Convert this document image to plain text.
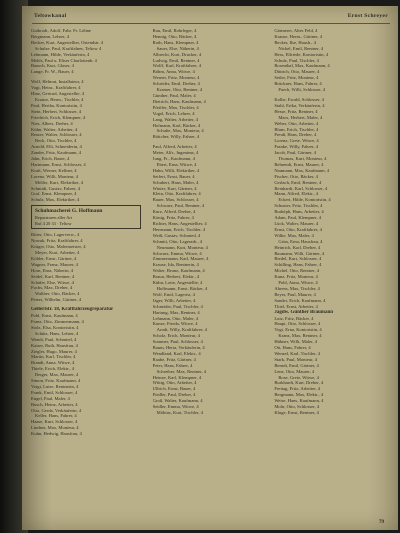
Teltowkanal	Ernst Schreyer
Gutbrodt, Adolf, Fabr. Fr. Löhne
Bergmann, Lehrer, 4
Becker, Kurt, Angestellter, Ostendstr. 4
Schulze, Paul, Kraftfahrer, Teltow 4
Lehmann, Hilde, Verkäuferin, 4
Mehls, Paul u. Eliser Charlottenb. 4
Bausch, Kurt, Glaser, 4
Lange, Fr. W., Bauer, 4
Wolf, Helmut, Installateur, 4
Vogt, Heinr., Kraftfahrer, 4
Hinz, Gertrud, Angestellte, 4
Krause, Herm., Tischler, 4
Paul, Hertha, Kontoristin, 4
Stein, Herbert, Schlosser, 4
Friedrich, Erich, Klempner, 4
Nies, Albert, Dreher, 4
Kühn, Walter, Arbeiter, 4
Reuter, Walter, Schlosser, 4
Beck, Otto, Tischler, 4
Arnold, Elli, Schneiderin, 4
Zander, Fritz, Kaufmann, 4
Jahn, Erich, Bauer, 4
Hartmann, Ernst, Schlosser, 4
Kraft, Werner, Kellner, 4
Lorenz, Willi, Monteur, 4
Möller, Kurt, Elektriker, 4
Schmidt, Gustav, Fahrer, 4
Graf, Ernst, Klempner, 4
Schulz, Max, Elektriker, 4
Schuhmacherei G. Hoffmann
Reparaturen aller Art
Ruf 4 20 33 · Teltow
Ritter, Otto, Lagerverw., 4
Nowak, Fritz, Kraftfahrer, 4
Krüger, Otto, Malermeister, 4
Meyer, Kurt, Arbeiter, 4
Köhler, Ernst, Gärtner, 4
Wagner, Franz, Maurer, 4
Horn, Erna, Näherin, 4
Seidel, Karl, Rentner, 4
Schäfer, Else, Witwe, 4
Fuchs, Max, Dreher, 4
Walther, Otto, Bäcker, 4
Peters, Wilhelm, Gärtner, 4
Gellertstr. 18, Kraftfahrzeugreparatur
Pohl, Ernst, Kaufmann, 4
Franz, Otto, Zimmermann, 4
Stolz, Elsa, Kontoristin, 4
Schütz, Hans, Lehrer, 4
Wendt, Paul, Schmied, 4
Kaiser, Ruth, Hausfrau, 4
Ziegler, Hugo, Maurer, 4
Martin, Karl, Tischler, 4
Brandt, Anna, Witwe, 4
Thiele, Erich, Elektr., 4
Berger, Max, Maurer, 4
Simon, Fritz, Kaufmann, 4
Voigt, Luise, Rentnerin, 4
Frank, Emil, Schlosser, 4
Engel, Paul, Maler, 4
Busch, Heinz, Arbeiter, 4
Otto, Gerda, Verkäuferin, 4
Keller, Hans, Fahrer, 4
Haase, Kurt, Schlosser, 4
Lindner, Max, Monteur, 4
Kuhn, Hedwig, Hausfrau, 4
Rau, Emil, Rohrleger, 4
Hennig, Otto, Bäcker, 4
Roth, Hans, Klempner, 4
Sauer, Else, Näherin, 4
Albrecht, Kurt, Drucker, 4
Ludwig, Emil, Rentner, 4
Wolff, Karl, Kraftfahrer, 4
Böhm, Anna, Witwe, 4
Werner, Fritz, Monteur, 4
Schröder, Emil, Dreher, 4
Kramer, Otto, Rentner, 4
Günther, Paul, Maler, 4
Dietrich, Hans, Kaufmann, 4
Pfeiffer, Max, Tischler, 4
Vogel, Erich, Lehrer, 4
Lang, Walter, Arbeiter, 4
Hofmann, Karl, Bäcker, 4
Schulte, Max, Monteur, 4
Böttcher, Willy, Fahrer, 4
Paul, Alfred, Arbeiter, 4
Meier, Alfr., Ingenieur, 4
Jung, Fr., Kaufmann, 4
Ebert, Erna, Witwe, 4
Hahn, Willi, Elektriker, 4
Seifert, Ernst, Bauer, 4
Schubert, Hans, Maler, 4
Winter, Kurt, Gärtner, 4
Klein, Otto, Kraftfahrer, 4
Bauer, Max, Schlosser, 4
Schwarz, Paul, Rentner, 4
Kurz, Alfred, Dreher, 4
König, Fritz, Fahrer, 4
Richter, Hans, Angestellter, 4
Herrmann, Erich, Tischler, 4
Weiß, Gustav, Schmied, 4
Schmitt, Otto, Lagerarb., 4
Neumann, Kurt, Monteur, 4
Schwarz, Emma, Witwe, 4
Zimmermann, Karl, Maurer, 4
Krause, Ida, Rentnerin, 4
Walter, Bruno, Kaufmann, 4
Braun, Herbert, Elektr., 4
Kühn, Lotte, Angestellte, 4
Hoffmann, Ernst, Bäcker, 4
Wolf, Emil, Lagerist, 4
Jäger, Willi, Arbeiter, 4
Schneider, Paul, Tischler, 4
Hartung, Max, Rentner, 4
Lehmann, Otto, Maler, 4
Kunze, Frieda, Witwe, 4
Arndt, Willy, Kraftfahrer, 4
Scholz, Erich, Monteur, 4
Sommer, Paul, Schlosser, 4
Baum, Herta, Verkäuferin, 4
Wendland, Karl, Elektr., 4
Raabe, Fritz, Gärtner, 4
Peter, Hans, Fahrer, 4
Schreiber, Max, Rentner, 4
Heinze, Karl, Klempner, 4
Wittig, Otto, Arbeiter, 4
Ullrich, Ernst, Bauer, 4
Fiedler, Paul, Dreher, 4
Groß, Walter, Kaufmann, 4
Seidler, Emma, Witwe, 4
Möbius, Kurt, Tischler, 4
Gärtnerei, Altes Feld, 4
Krause, Herm., Gärtner, 4
Becker, Ilse, Haush., 4
Nickel, Emil, Rentner, 4
Hess, Elfriede, Kontoristin, 4
Schulz, Paul, Tischler, 4
Rosenthal, Max, Kaufmann, 4
Dittrich, Otto, Maurer, 4
Seiler, Fritz, Monteur, 4
Brückner, Hans, Fahrer, 4
Paech, Willi, Schlosser, 4
Kolbe, Ewald, Schlosser, 4
Stahl, Erika, Verkäuferin, 4
Hesse, Fritz, Rentner, 4
Marx, Herbert, Maler, 4
Weber, Otto, Arbeiter, 4
Blum, Erich, Tischler, 4
Preuß, Hans, Dreher, 4
Lorenz, Grete, Witwe, 4
Franke, Willy, Fahrer, 4
Jacob, Paul, Gärtner, 4
Thomas, Kurt, Monteur, 4
Behrendt, Ernst, Maurer, 4
Naumann, Max, Kaufmann, 4
Fischer, Otto, Bäcker, 4
Gerlach, Emil, Rentner, 4
Reinhardt, Karl, Schlosser, 4
Mann, Alfred, Elektr., 4
Eckert, Hilde, Kontoristin, 4
Schuster, Fritz, Tischler, 4
Rudolph, Hans, Arbeiter, 4
Adam, Paul, Klempner, 4
Lück, Walter, Maurer, 4
Ernst, Otto, Kraftfahrer, 4
Wilke, Max, Maler, 4
Grün, Erna, Hausfrau, 4
Heinrich, Karl, Dreher, 4
Baumann, Willi, Gärtner, 4
Riedel, Kurt, Schlosser, 4
Schilling, Hans, Fahrer, 4
Michel, Otto, Rentner, 4
Kunz, Fritz, Monteur, 4
Pohl, Anna, Witwe, 4
Ahrens, Max, Tischler, 4
Beyer, Paul, Maurer, 4
Sander, Erich, Kaufmann, 4
Thiel, Ernst, Arbeiter, 4
Jagdw. Günther Braumann
Lutz, Fritz, Bäcker, 4
Haupt, Otto, Schlosser, 4
Vogt, Erna, Kontoristin, 4
Kranz, Max, Rentner, 4
Hübner, Willi, Maler, 4
Ott, Hans, Fahrer, 4
Wenzel, Karl, Tischler, 4
Stark, Paul, Monteur, 4
Berndt, Emil, Gärtner, 4
Lenz, Otto, Maurer, 4
Rose, Grete, Witwe, 4
Burkhardt, Kurt, Dreher, 4
Freitag, Fritz, Arbeiter, 4
Bergmann, Max, Elektr., 4
Weise, Hans, Kaufmann, 4
Mohr, Otto, Schlosser, 4
Kluge, Ernst, Rentner, 4
79
